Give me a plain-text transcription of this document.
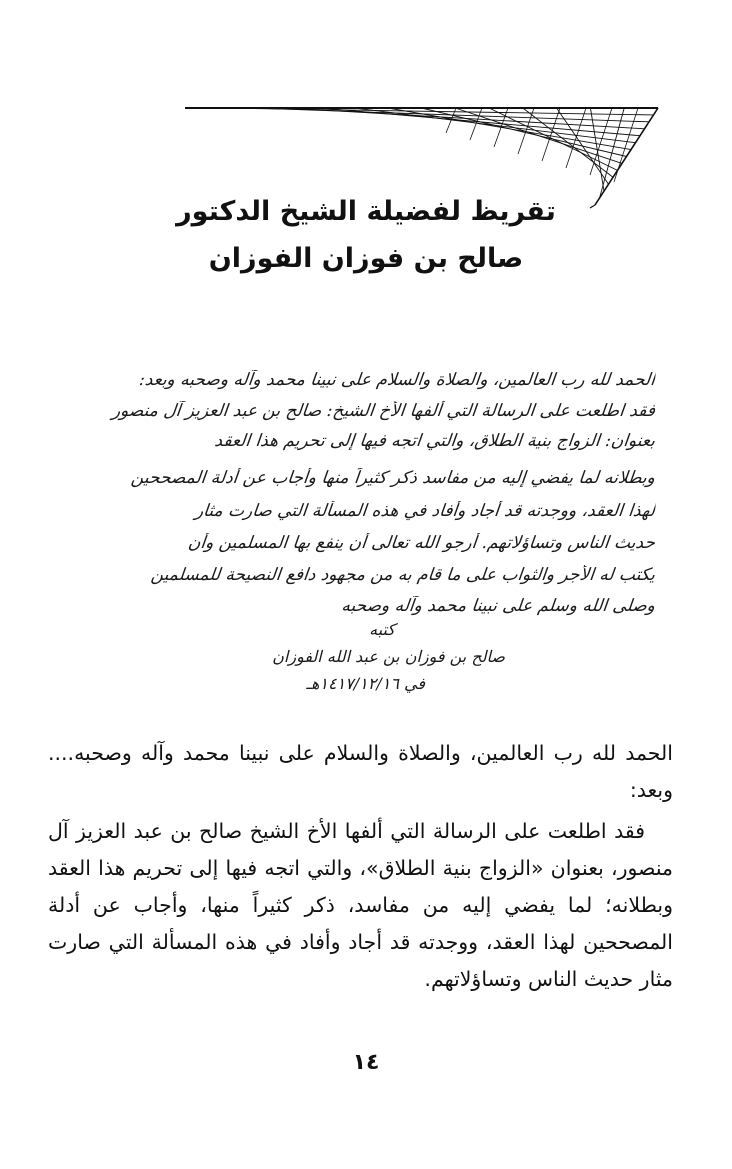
تقريظ لفضيلة الشيخ الدكتور
صالح بن فوزان الفوزان
الحمد لله رب العالمين، والصلاة والسلام على نبينا محمد وآله وصحبه وبعد:
فقد اطلعت على الرسالة التي ألفها الأخ الشيخ: صالح بن عبد العزيز آل منصور
بعنوان: الزواج بنية الطلاق، والتي اتجه فيها إلى تحريم هذا العقد
وبطلانه لما يفضي إليه من مفاسد ذكر كثيراً منها وأجاب عن أدلة المصححين
لهذا العقد، ووجدته قد أجاد وأفاد في هذه المسألة التي صارت مثار
حديث الناس وتساؤلاتهم. أرجو الله تعالى أن ينفع بها المسلمين وأن
يكتب له الأجر والثواب على ما قام به من مجهود دافع النصيحة للمسلمين
وصلى الله وسلم على نبينا محمد وآله وصحبه
كتبه
صالح بن فوزان بن عبد الله الفوزان
في ١٤١٧/١٢/١٦هـ

الحمد لله رب العالمين، والصلاة والسلام على نبينا محمد وآله وصحبه.... وبعد:

فقد اطلعت على الرسالة التي ألفها الأخ الشيخ صالح بن عبد العزيز آل منصور، بعنوان «الزواج بنية الطلاق»، والتي اتجه فيها إلى تحريم هذا العقد وبطلانه؛ لما يفضي إليه من مفاسد، ذكر كثيراً منها، وأجاب عن أدلة المصححين لهذا العقد، ووجدته قد أجاد وأفاد في هذه المسألة التي صارت مثار حديث الناس وتساؤلاتهم.

١٤
